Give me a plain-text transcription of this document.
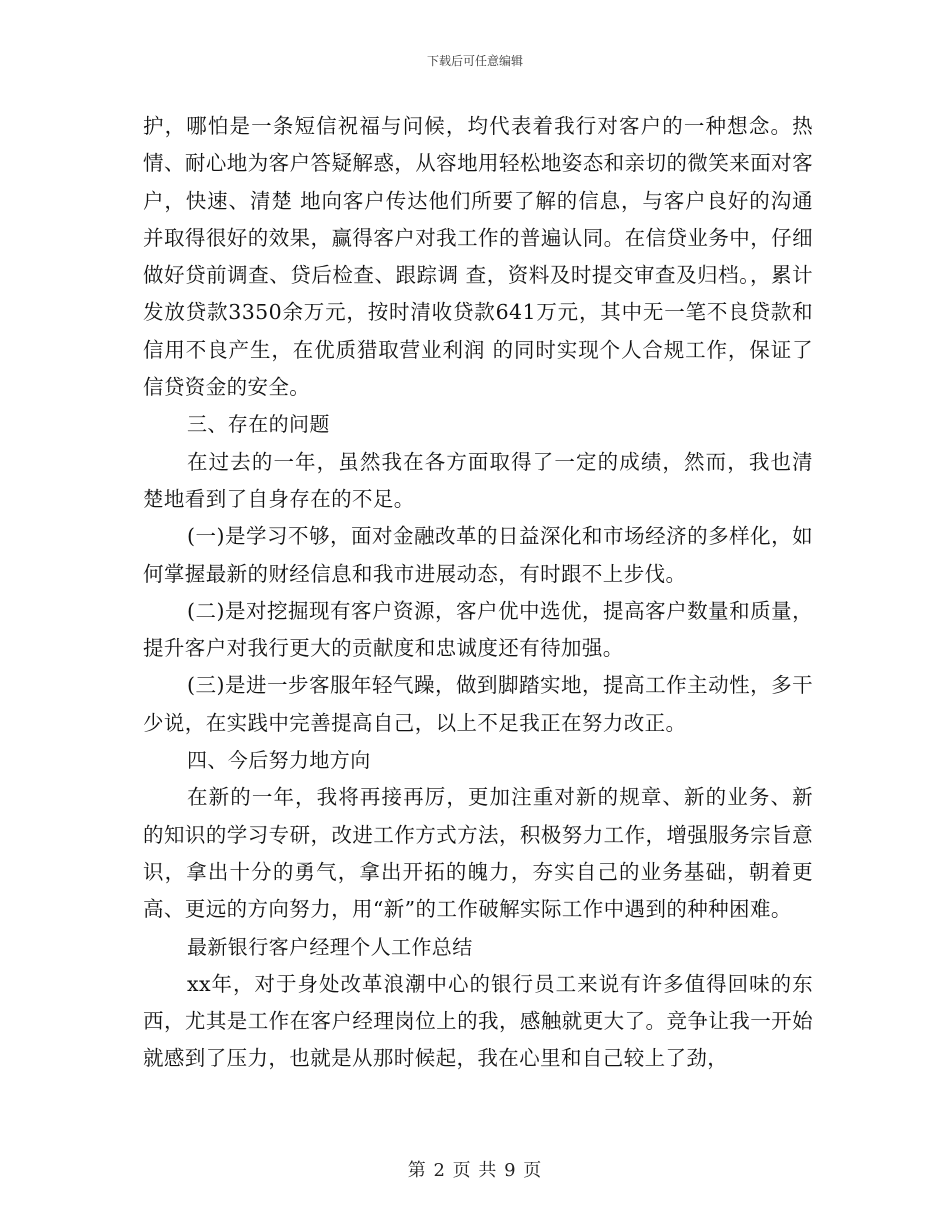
下载后可任意编辑

护，哪怕是一条短信祝福与问候，均代表着我行对客户的一种想念。热情、耐心地为客户答疑解惑，从容地用轻松地姿态和亲切的微笑来面对客户，快速、清楚 地向客户传达他们所要了解的信息，与客户良好的沟通并取得很好的效果，赢得客户对我工作的普遍认同。在信贷业务中，仔细做好贷前调查、贷后检查、跟踪调 查，资料及时提交审查及归档。，累计发放贷款3350余万元，按时清收贷款641万元，其中无一笔不良贷款和信用不良产生，在优质猎取营业利润 的同时实现个人合规工作，保证了信贷资金的安全。

三、存在的问题

在过去的一年，虽然我在各方面取得了一定的成绩，然而，我也清楚地看到了自身存在的不足。

(一)是学习不够，面对金融改革的日益深化和市场经济的多样化，如何掌握最新的财经信息和我市进展动态，有时跟不上步伐。

(二)是对挖掘现有客户资源，客户优中选优，提高客户数量和质量，提升客户对我行更大的贡献度和忠诚度还有待加强。

(三)是进一步客服年轻气躁，做到脚踏实地，提高工作主动性，多干少说，在实践中完善提高自己，以上不足我正在努力改正。

四、今后努力地方向

在新的一年，我将再接再厉，更加注重对新的规章、新的业务、新的知识的学习专研，改进工作方式方法，积极努力工作，增强服务宗旨意识，拿出十分的勇气，拿出开拓的魄力，夯实自己的业务基础，朝着更高、更远的方向努力，用“新”的工作破解实际工作中遇到的种种困难。

最新银行客户经理个人工作总结

xx年，对于身处改革浪潮中心的银行员工来说有许多值得回味的东西，尤其是工作在客户经理岗位上的我，感触就更大了。竞争让我一开始就感到了压力，也就是从那时候起，我在心里和自己较上了劲，

第 2 页 共 9 页
